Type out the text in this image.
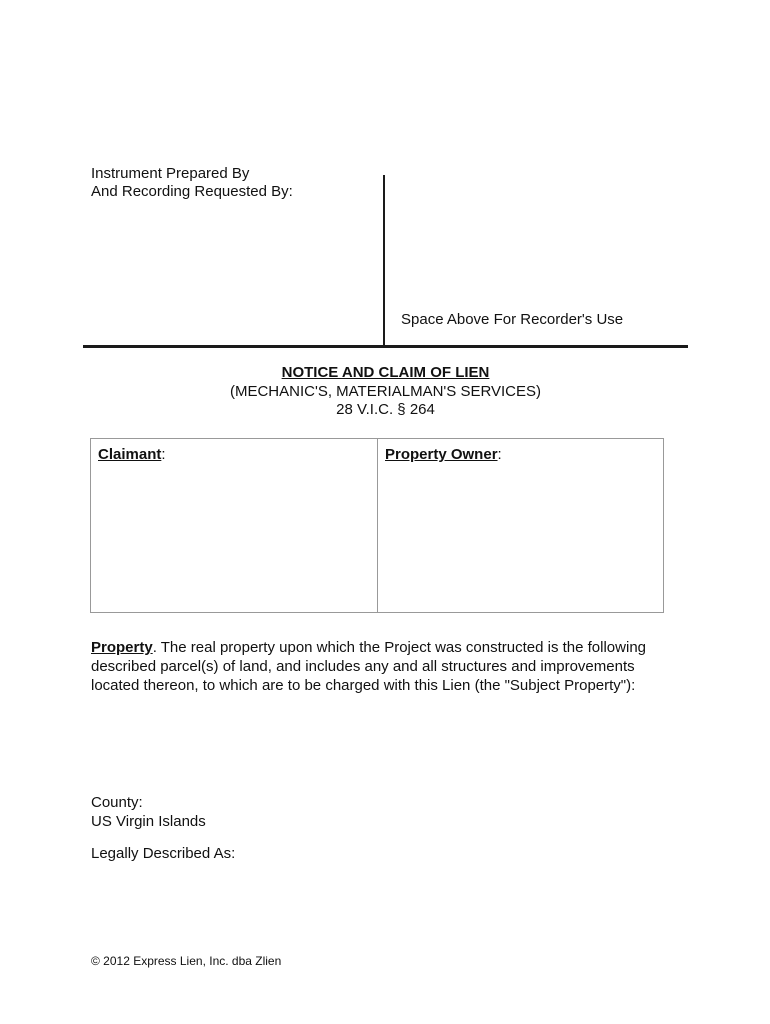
Instrument Prepared By
And Recording Requested By:
Space Above For Recorder's Use
NOTICE AND CLAIM OF LIEN
(MECHANIC'S, MATERIALMAN'S SERVICES)
28 V.I.C. § 264
Claimant:	Property Owner:
Property. The real property upon which the Project was constructed is the following
described parcel(s) of land, and includes any and all structures and improvements
located thereon, to which are to be charged with this Lien (the "Subject Property"):
County:
US Virgin Islands
Legally Described As:
© 2012 Express Lien, Inc. dba Zlien
